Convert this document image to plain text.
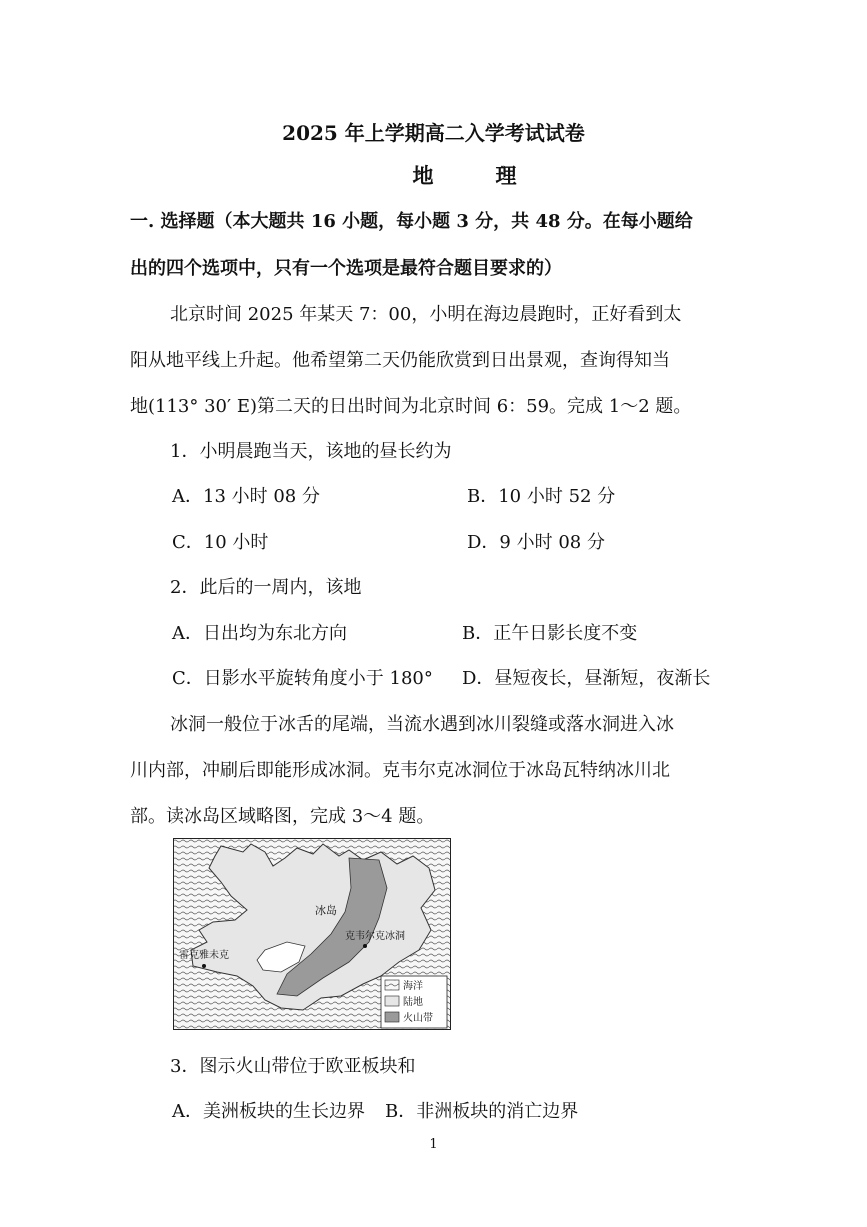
2025 年上学期高二入学考试试卷
地理
一. 选择题（本大题共 16 小题，每小题 3 分，共 48 分。在每小题给
出的四个选项中，只有一个选项是最符合题目要求的）
北京时间 2025 年某天 7：00，小明在海边晨跑时，正好看到太
阳从地平线上升起。他希望第二天仍能欣赏到日出景观，查询得知当
地(113° 30′ E)第二天的日出时间为北京时间 6：59。完成 1～2 题。
1．小明晨跑当天，该地的昼长约为
A．13 小时 08 分	B．10 小时 52 分
C．10 小时	D．9 小时 08 分
2．此后的一周内，该地
A．日出均为东北方向	B．正午日影长度不变
C．日影水平旋转角度小于 180° D．昼短夜长，昼渐短，夜渐长
冰洞一般位于冰舌的尾端，当流水遇到冰川裂缝或落水洞进入冰
川内部，冲刷后即能形成冰洞。克韦尔克冰洞位于冰岛瓦特纳冰川北
部。读冰岛区域略图，完成 3～4 题。
冰岛
克韦尔克冰洞
雷克雅未克
海洋
陆地
火山带
3．图示火山带位于欧亚板块和
A．美洲板块的生长边界 B．非洲板块的消亡边界
1
